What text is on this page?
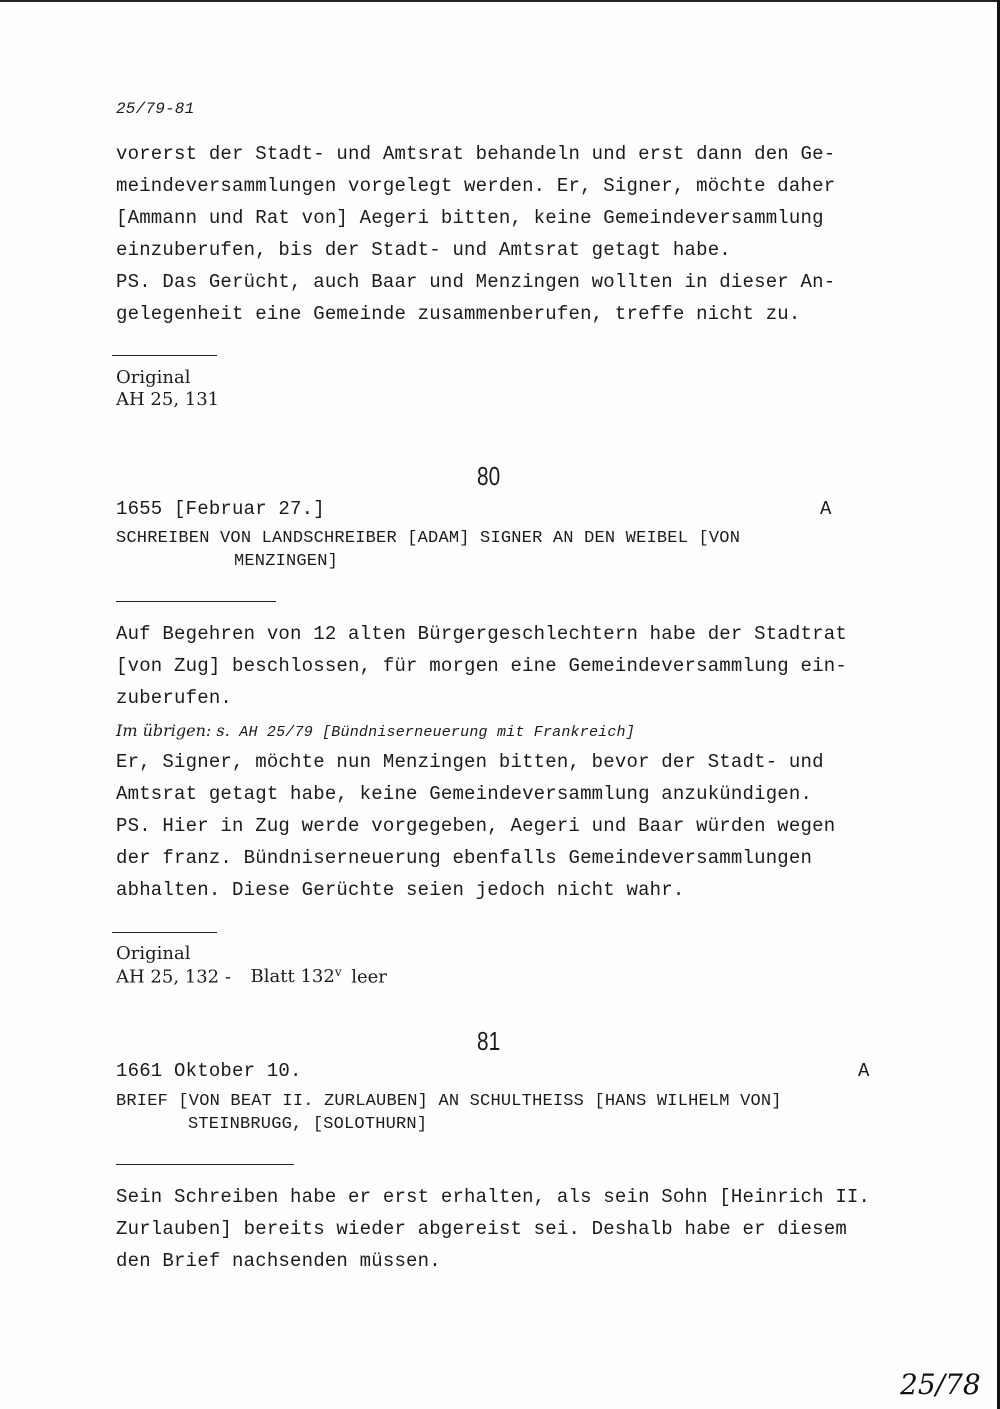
25/79-81
vorerst der Stadt- und Amtsrat behandeln und erst dann den Ge-
meindeversammlungen vorgelegt werden. Er, Signer, möchte daher
[Ammann und Rat von] Aegeri bitten, keine Gemeindeversammlung
einzuberufen, bis der Stadt- und Amtsrat getagt habe.
PS. Das Gerücht, auch Baar und Menzingen wollten in dieser An-
gelegenheit eine Gemeinde zusammenberufen, treffe nicht zu.
Original
AH 25, 131
80
1655 [Februar 27.]	A
SCHREIBEN VON LANDSCHREIBER [ADAM] SIGNER AN DEN WEIBEL [VON
MENZINGEN]
Auf Begehren von 12 alten Bürgergeschlechtern habe der Stadtrat
[von Zug] beschlossen, für morgen eine Gemeindeversammlung ein-
zuberufen.
Im übrigen: s. AH 25/79 [Bündniserneuerung mit Frankreich]
Er, Signer, möchte nun Menzingen bitten, bevor der Stadt- und
Amtsrat getagt habe, keine Gemeindeversammlung anzukündigen.
PS. Hier in Zug werde vorgegeben, Aegeri und Baar würden wegen
der franz. Bündniserneuerung ebenfalls Gemeindeversammlungen
abhalten. Diese Gerüchte seien jedoch nicht wahr.
Original
AH 25, 132 - Blatt 132$^v$ leer
81
1661 Oktober 10.	A
BRIEF [VON BEAT II. ZURLAUBEN] AN SCHULTHEISS [HANS WILHELM VON]
STEINBRUGG, [SOLOTHURN]
Sein Schreiben habe er erst erhalten, als sein Sohn [Heinrich II.
Zurlauben] bereits wieder abgereist sei. Deshalb habe er diesem
den Brief nachsenden müssen.
25/78
